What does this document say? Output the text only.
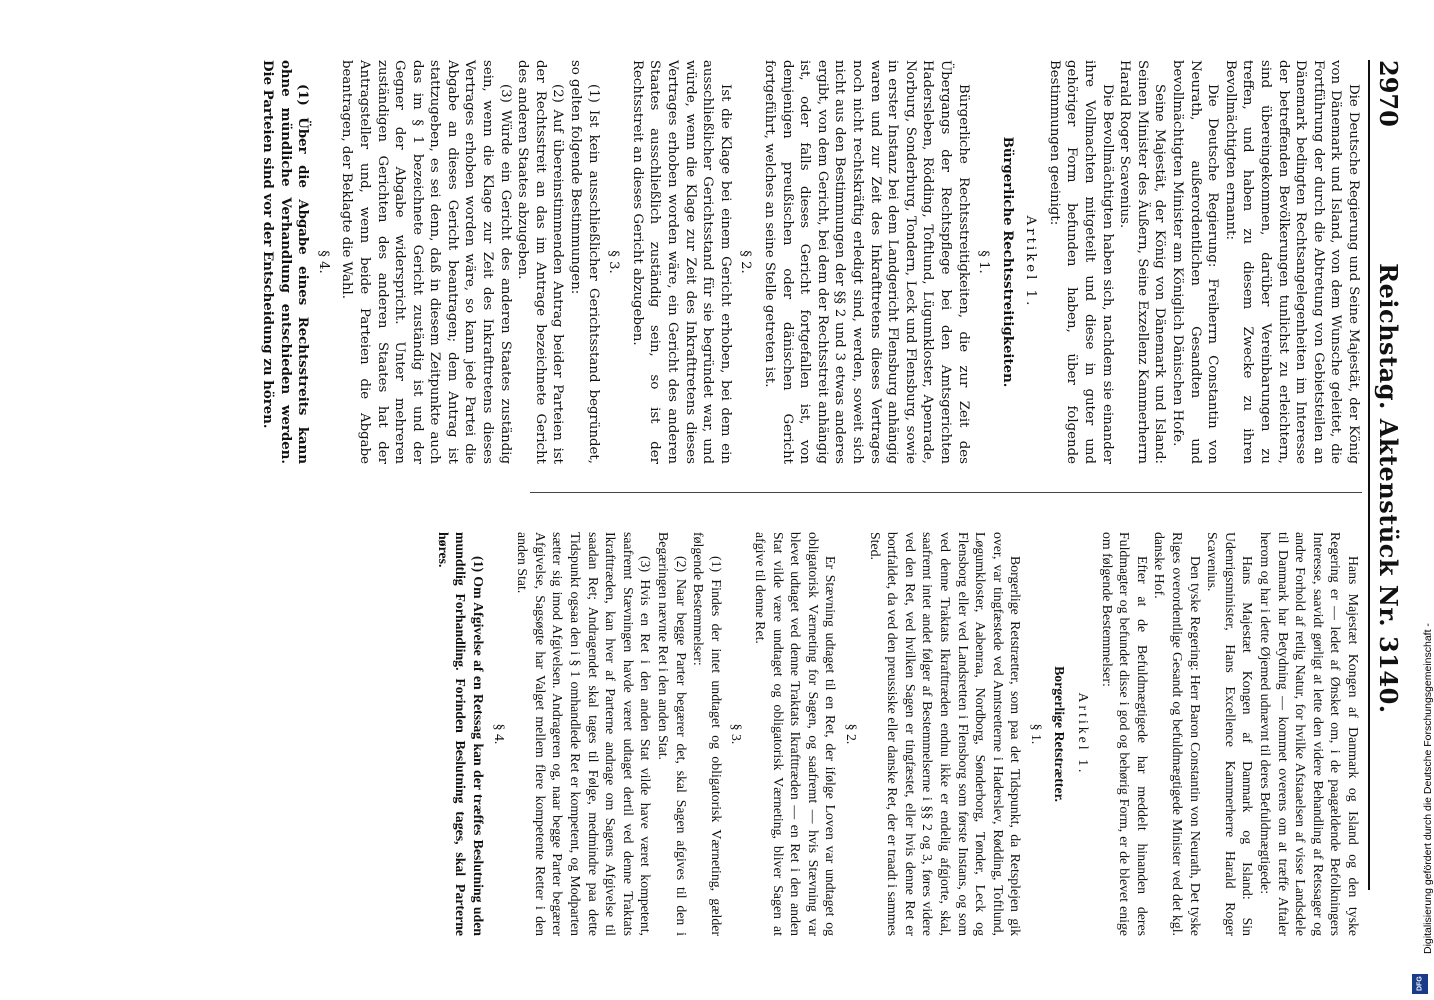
2970
Reichstag. Aktenstück Nr. 3140.

Die Deutsche Regierung und Seine Majestät, der König von Dänemark und Island, von dem Wunsche geleitet, die Fortführung der durch die Abtretung von Gebietsteilen an Dänemark bedingten Rechtsangelegenheiten im Interesse der betreffenden Bevölkerungen tunlichst zu erleichtern, sind übereingekommen, darüber Vereinbarungen zu treffen, und haben zu diesem Zwecke zu ihren Bevollmächtigten ernannt:

Die Deutsche Regierung: Freiherrn Constantin von Neurath, außerordentlichen Gesandten und bevollmächtigten Minister am Königlich Dänischen Hofe.

Seine Majestät, der König von Dänemark und Island: Seinen Minister des Äußern, Seine Exzellenz Kammerherrn Harald Roger Scavenius.

Die Bevollmächtigten haben sich, nachdem sie einander ihre Vollmachten mitgeteilt und diese in guter und gehöriger Form befunden haben, über folgende Bestimmungen geeinigt:

Artikel 1.

Bürgerliche Rechtsstreitigkeiten.

§ 1.

Bürgerliche Rechtsstreitigkeiten, die zur Zeit des Übergangs der Rechtspflege bei den Amtsgerichten Hadersleben, Rödding, Toftlund, Lügumkloster, Apenrade, Norburg, Sonderburg, Tondern, Leck und Flensburg, sowie in erster Instanz bei dem Landgericht Flensburg anhängig waren und zur Zeit des Inkrafttretens dieses Vertrages noch nicht rechtskräftig erledigt sind, werden, soweit sich nicht aus den Bestimmungen der §§ 2 und 3 etwas anderes ergibt, von dem Gericht, bei dem der Rechtsstreit anhängig ist, oder falls dieses Gericht fortgefallen ist, von demjenigen preußischen oder dänischen Gericht fortgeführt, welches an seine Stelle getreten ist.

§ 2.

Ist die Klage bei einem Gericht erhoben, bei dem ein ausschließlicher Gerichtsstand für sie begründet war, und würde, wenn die Klage zur Zeit des Inkrafttretens dieses Vertrages erhoben worden wäre, ein Gericht des anderen Staates ausschließlich zuständig sein, so ist der Rechtsstreit an dieses Gericht abzugeben.

§ 3.

(1) Ist kein ausschließlicher Gerichtsstand begründet, so gelten folgende Bestimmungen:

(2) Auf übereinstimmenden Antrag beider Parteien ist der Rechtsstreit an das im Antrage bezeichnete Gericht des anderen Staates abzugeben.

(3) Würde ein Gericht des anderen Staates zuständig sein, wenn die Klage zur Zeit des Inkrafttretens dieses Vertrages erhoben worden wäre, so kann jede Partei die Abgabe an dieses Gericht beantragen; dem Antrag ist stattzugeben, es sei denn, daß in diesem Zeitpunkte auch das im § 1 bezeichnete Gericht zuständig ist und der Gegner der Abgabe widerspricht. Unter mehreren zuständigen Gerichten des anderen Staates hat der Antragsteller und, wenn beide Parteien die Abgabe beantragen, der Beklagte die Wahl.

§ 4.

(1) Über die Abgabe eines Rechtsstreits kann ohne mündliche Verhandlung entschieden werden. Die Parteien sind vor der Entscheidung zu hören.

Hans Majestæt Kongen af Danmark og Island og den tyske Regering er — ledet af Ønsket om, i de paagældende Befolkningers Interesse, saavidt gørligt at lette den videre Behandling af Retssager og andre Forhold af retlig Natur, for hvilke Afstaaelsen af visse Landsdele til Danmark har Betydning — kommet overens om at træffe Aftaler herom og har i dette Øjemed udnævnt til deres Befuldmægtigede:

Hans Majestæt Kongen af Danmark og Island: Sin Udenrigsminister, Hans Excellence Kammerherre Harald Roger Scavenius.

Den tyske Regering: Herr Baron Constantin von Neurath, Det tyske Riges overordentlige Gesandt og befuldmægtigede Minister ved det kgl. danske Hof.

Efter at de Befuldmægtigede har meddelt hinanden deres Fuldmagter og befundet disse i god og behørig Form, er de blevet enige om følgende Bestemmelser:

Artikel 1.

Borgerlige Retstrætter.

§ 1.

Borgerlige Retstrætter, som paa det Tidspunkt, da Retsplejen gik over, var tingfæstede ved Amtsretterne i Haderslev, Rødding, Toftlund, Løgumkloster, Aabenraa, Nordborg, Sønderborg, Tønder, Leck og Flensborg eller ved Landsretten i Flensborg som første Instans, og som ved denne Traktats Ikrafttræden endnu ikke er endelig afgjorte, skal, saafremt intet andet følger af Bestemmelserne i §§ 2 og 3, føres videre ved den Ret, ved hvilken Sagen er tingfæstet, eller hvis denne Ret er bortfaldet, da ved den preussiske eller danske Ret, der er traadt i sammes Sted.

§ 2.

Er Stævning udtaget til en Ret, der ifølge Loven var undtaget og obligatorisk Værneting for Sagen, og saafremt — hvis Stævning var blevet udtaget ved denne Traktats Ikrafttræden — en Ret i den anden Stat vilde være undtaget og obligatorisk Værneting, bliver Sagen at afgive til denne Ret.

§ 3.

(1) Findes der intet undtaget og obligatorisk Værneting, gælder følgende Bestemmelser:

(2) Naar begge Parter begærer det, skal Sagen afgives til den i Begæringen nævnte Ret i den anden Stat.

(3) Hvis en Ret i den anden Stat vilde have været kompetent, saafremt Stævningen havde været udtaget dertil ved denne Traktats Ikrafttræden, kan hver af Parterne andrage om Sagens Afgivelse til saadan Ret; Andragendet skal tages til Følge, medmindre paa dette Tidspunkt ogsaa den i § 1 omhandlede Ret er kompetent, og Modparten sætter sig imod Afgivelsen. Andrageren og, naar begge Parter begærer Afgivelse, Sagsøgte har Valget mellem flere kompetente Retter i den anden Stat.

§ 4.

(1) Om Afgivelse af en Retssag kan der træffes Beslutning uden mundtlig Forhandling. Forinden Beslutning tages, skal Parterne høres.

Digitalisierung gefördert durch die Deutsche Forschungsgemeinschaft -
DFG
